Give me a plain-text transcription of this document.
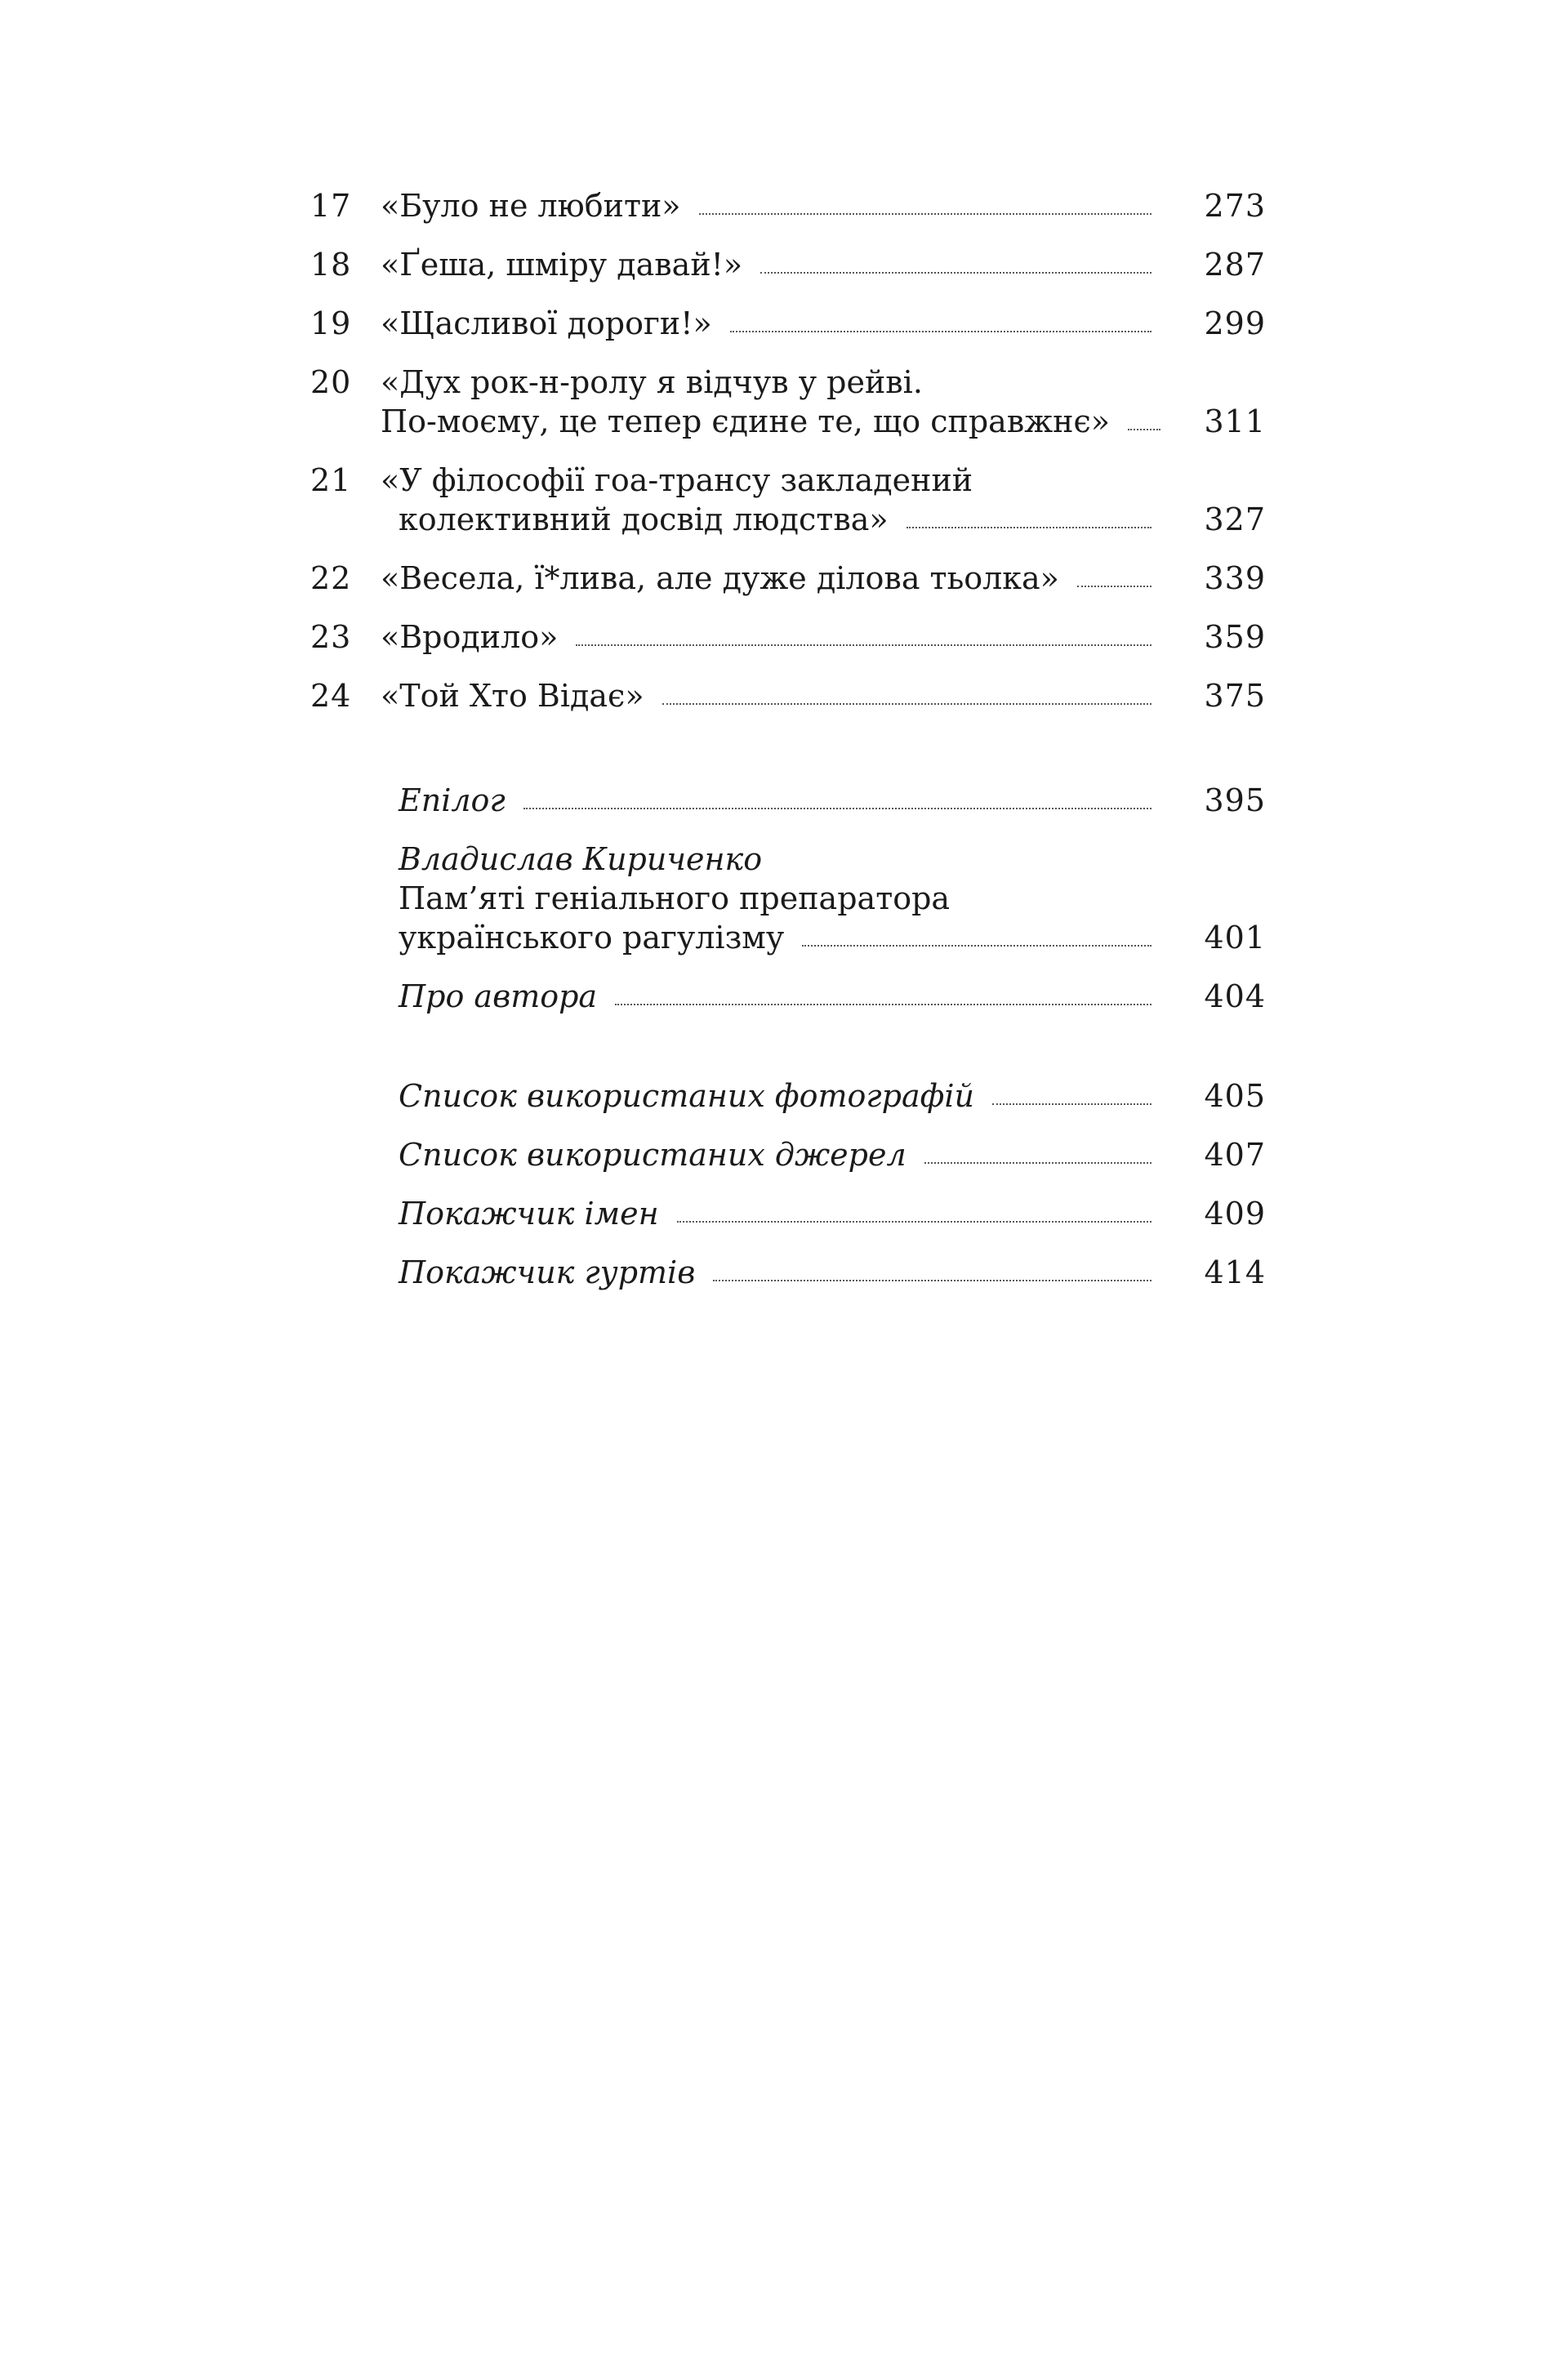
17 «Було не любити»	273
18 «Ґеша, шміру давай!»	287
19 «Щасливої дороги!»	299
20 «Дух рок-н-ролу я відчув у рейві.
По-моєму, це тепер єдине те, що справжнє»	311
21 «У філософії гоа-трансу закладений
колективний досвід людства»	327
22 «Весела, ї*лива, але дуже ділова тьолка»	339
23 «Вродило»	359
24 «Той Хто Відає»	375
Епілог	395
Владислав Кириченко
Пам’яті геніального препаратора
українського рагулізму	401
Про автора	404
Список використаних фотографій	405
Список використаних джерел	407
Покажчик імен	409
Покажчик гуртів	414
